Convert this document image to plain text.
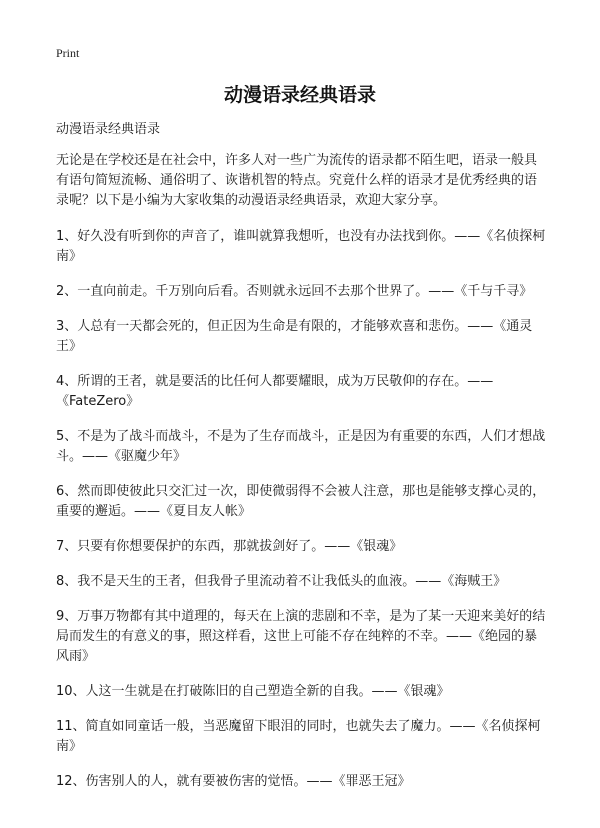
Print
动漫语录经典语录

动漫语录经典语录

无论是在学校还是在社会中，许多人对一些广为流传的语录都不陌生吧，语录一般具有语句简短流畅、通俗明了、诙谐机智的特点。究竟什么样的语录才是优秀经典的语录呢？以下是小编为大家收集的动漫语录经典语录，欢迎大家分享。

1、好久没有听到你的声音了，谁叫就算我想听，也没有办法找到你。——《名侦探柯南》

2、一直向前走。千万别向后看。否则就永远回不去那个世界了。——《千与千寻》

3、人总有一天都会死的，但正因为生命是有限的，才能够欢喜和悲伤。——《通灵王》

4、所谓的王者，就是要活的比任何人都要耀眼，成为万民敬仰的存在。——《FateZero》

5、不是为了战斗而战斗，不是为了生存而战斗，正是因为有重要的东西，人们才想战斗。——《驱魔少年》

6、然而即使彼此只交汇过一次，即使微弱得不会被人注意，那也是能够支撑心灵的，重要的邂逅。——《夏目友人帐》

7、只要有你想要保护的东西，那就拔剑好了。——《银魂》

8、我不是天生的王者，但我骨子里流动着不让我低头的血液。——《海贼王》

9、万事万物都有其中道理的，每天在上演的悲剧和不幸，是为了某一天迎来美好的结局而发生的有意义的事，照这样看，这世上可能不存在纯粹的不幸。——《绝园的暴风雨》

10、人这一生就是在打破陈旧的自己塑造全新的自我。——《银魂》

11、简直如同童话一般，当恶魔留下眼泪的同时，也就失去了魔力。——《名侦探柯南》

12、伤害别人的人，就有要被伤害的觉悟。——《罪恶王冠》
